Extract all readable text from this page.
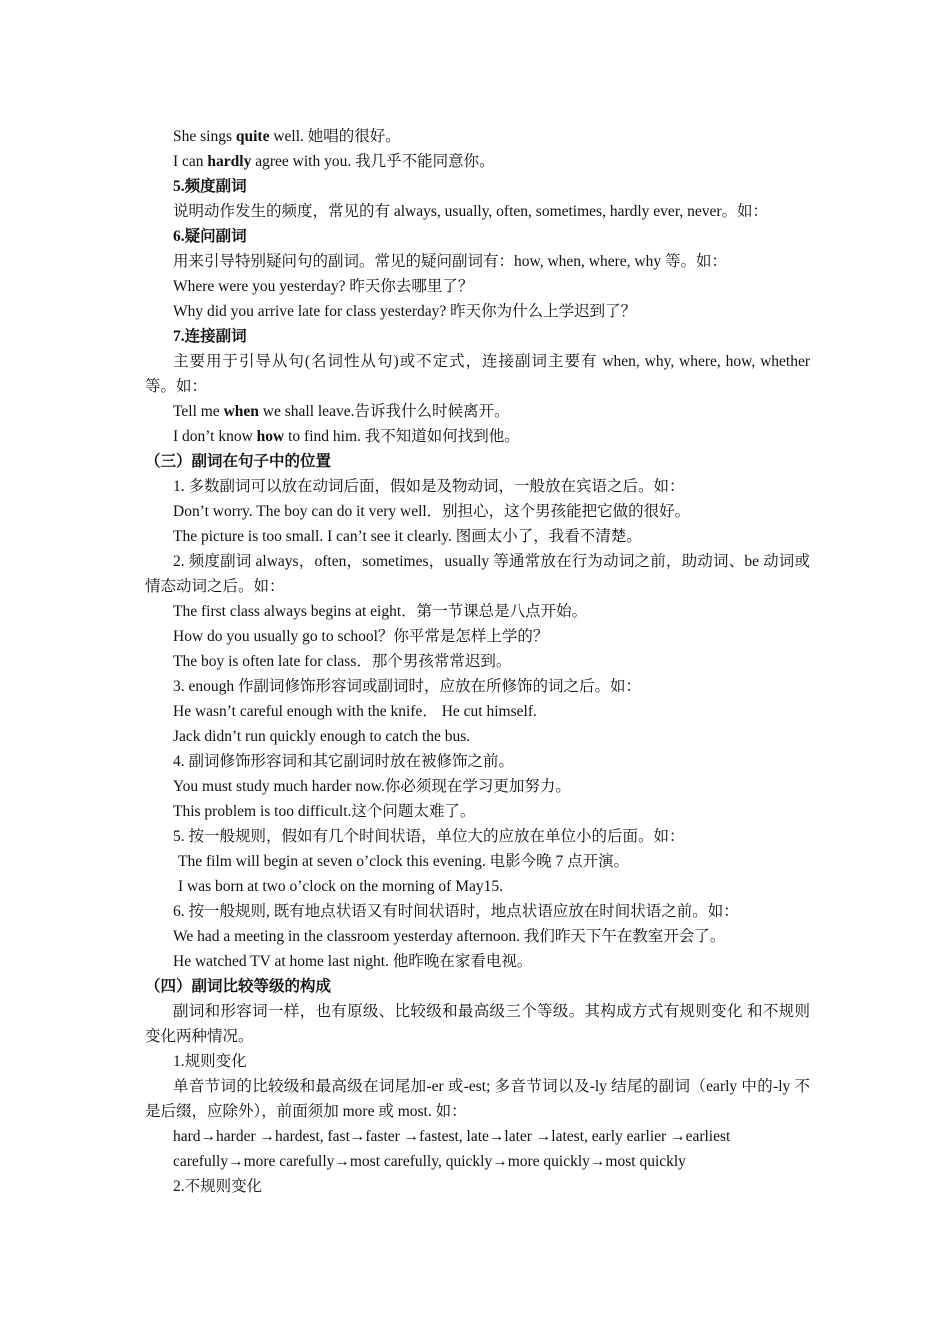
She sings quite well. 她唱的很好。

I can hardly agree with you. 我几乎不能同意你。

5.频度副词

说明动作发生的频度，常见的有 always, usually, often, sometimes, hardly ever, never。如：

6.疑问副词

用来引导特别疑问句的副词。常见的疑问副词有：how, when, where, why 等。如：

Where were you yesterday? 昨天你去哪里了？

Why did you arrive late for class yesterday? 昨天你为什么上学迟到了？

7.连接副词

主要用于引导从句(名词性从句)或不定式，连接副词主要有 when, why, where, how, whether 等。如：

Tell me when we shall leave.告诉我什么时候离开。

I don’t know how to find him. 我不知道如何找到他。

（三）副词在句子中的位置

1. 多数副词可以放在动词后面，假如是及物动词，一般放在宾语之后。如：

Don’t worry. The boy can do it very well．别担心，这个男孩能把它做的很好。

The picture is too small. I can’t see it clearly. 图画太小了，我看不清楚。

2. 频度副词 always，often，sometimes，usually 等通常放在行为动词之前，助动词、be 动词或情态动词之后。如：

The first class always begins at eight．第一节课总是八点开始。

How do you usually go to school？你平常是怎样上学的？

The boy is often late for class．那个男孩常常迟到。

3. enough 作副词修饰形容词或副词时，应放在所修饰的词之后。如：

He wasn’t careful enough with the knife． He cut himself.

Jack didn’t run quickly enough to catch the bus.

4. 副词修饰形容词和其它副词时放在被修饰之前。

You must study much harder now.你必须现在学习更加努力。

This problem is too difficult.这个问题太难了。

5. 按一般规则，假如有几个时间状语，单位大的应放在单位小的后面。如：

The film will begin at seven o’clock this evening. 电影今晚 7 点开演。

I was born at two o’clock on the morning of May15.

6. 按一般规则, 既有地点状语又有时间状语时，地点状语应放在时间状语之前。如：

We had a meeting in the classroom yesterday afternoon. 我们昨天下午在教室开会了。

He watched TV at home last night. 他昨晚在家看电视。

（四）副词比较等级的构成

副词和形容词一样，也有原级、比较级和最高级三个等级。其构成方式有规则变化 和不规则变化两种情况。

1.规则变化

单音节词的比较级和最高级在词尾加-er 或-est; 多音节词以及-ly 结尾的副词（early 中的-ly 不是后缀，应除外），前面须加 more 或 most. 如：

hard→harder →hardest, fast→faster →fastest, late→later →latest, early earlier →earliest

carefully→more carefully→most carefully, quickly→more quickly→most quickly

2.不规则变化
